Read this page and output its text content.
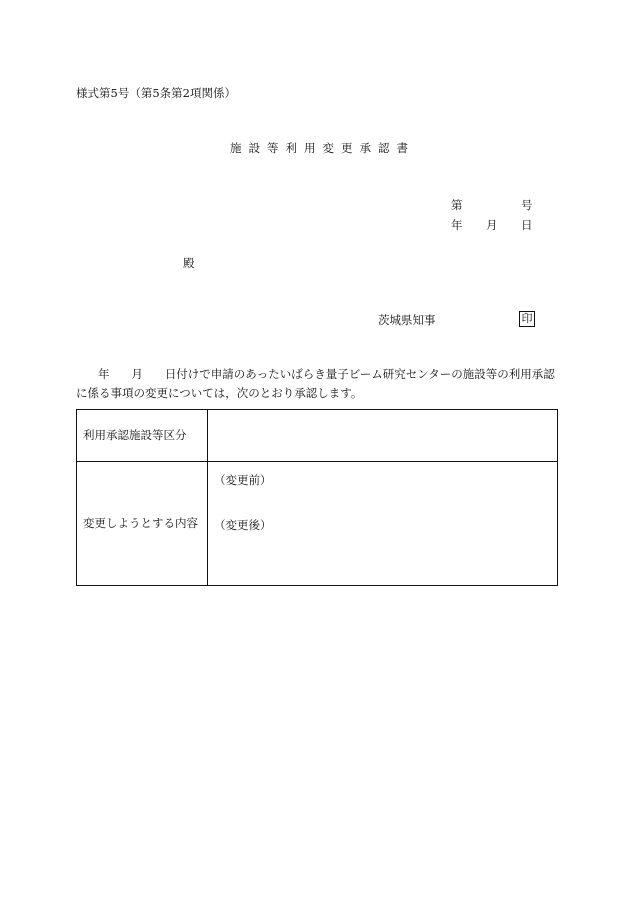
様式第5号（第5条第2項関係）
施設等利用変更承認書
第	号
年 月 日
殿
茨城県知事	印
年 月 日付けで申請のあったいばらき量子ビーム研究センターの施設等の利用承認に係る事項の変更については，次のとおり承認します。
利用承認施設等区分	
変更しようとする内容	（変更前）
（変更後）
